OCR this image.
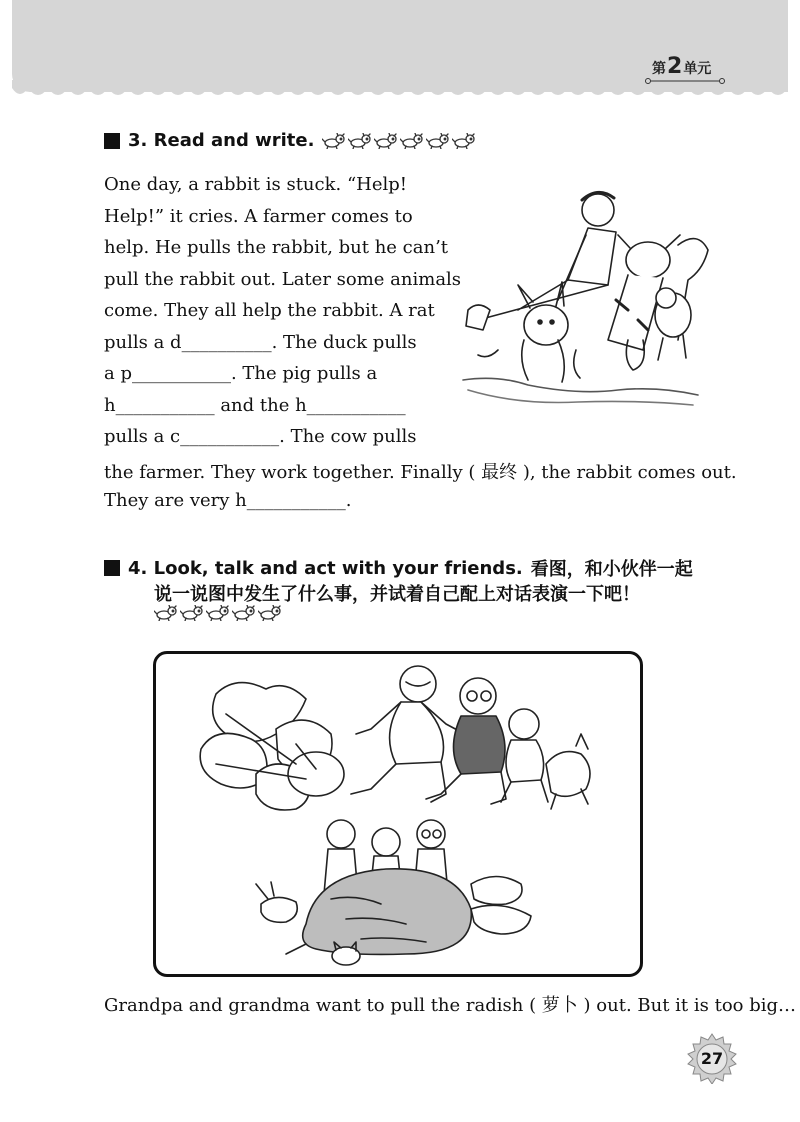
第 2 单元
3. Read and write.
One day, a rabbit is stuck. “Help!
Help!” it cries. A farmer comes to
help. He pulls the rabbit, but he can’t
pull the rabbit out. Later some animals
come. They all help the rabbit. A rat
pulls a d__________. The duck pulls
a p___________. The pig pulls a
h___________ and the h___________
pulls a c___________. The cow pulls
the farmer. They work together. Finally ( 最终 ), the rabbit comes out.
They are very h___________.
4. Look, talk and act with your friends. 看图，和小伙伴一起
说一说图中发生了什么事，并试着自己配上对话表演一下吧！
Grandpa and grandma want to pull the radish ( 萝卜 ) out. But it is too big…
27
